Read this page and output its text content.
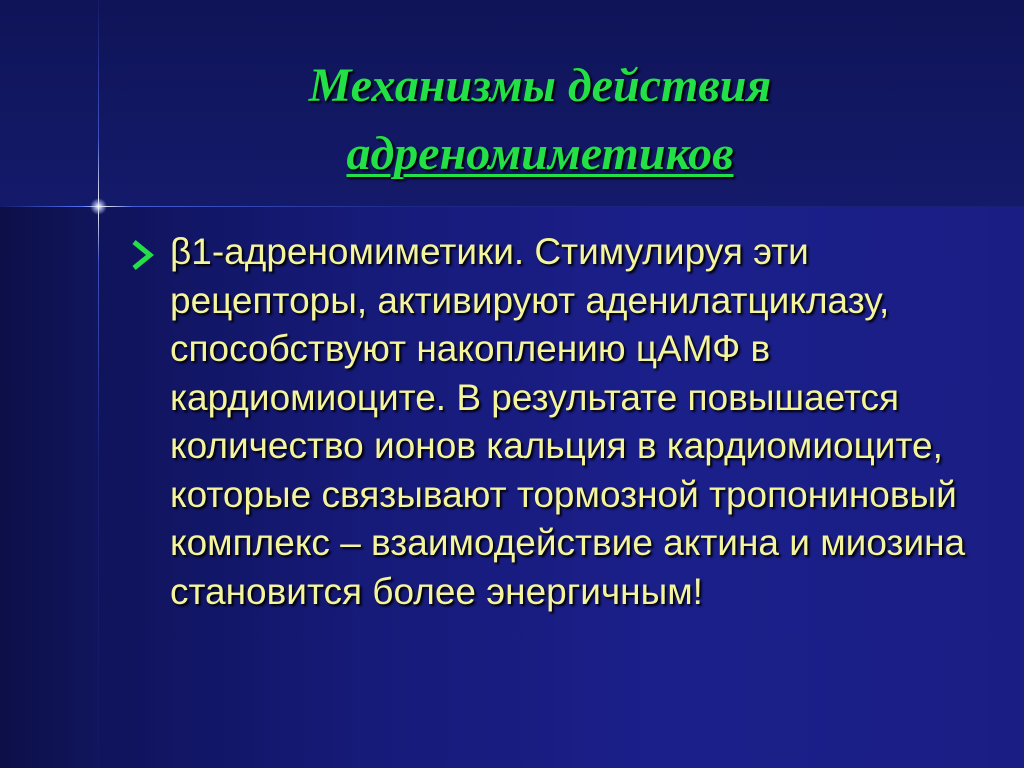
Механизмы действия
адреномиметиков

β1-адреномиметики. Стимулируя эти рецепторы, активируют аденилатциклазу, способствуют накоплению цАМФ в кардиомиоците. В результате повышается количество ионов кальция в кардиомиоците, которые связывают тормозной тропониновый комплекс – взаимодействие актина и миозина становится более энергичным!
